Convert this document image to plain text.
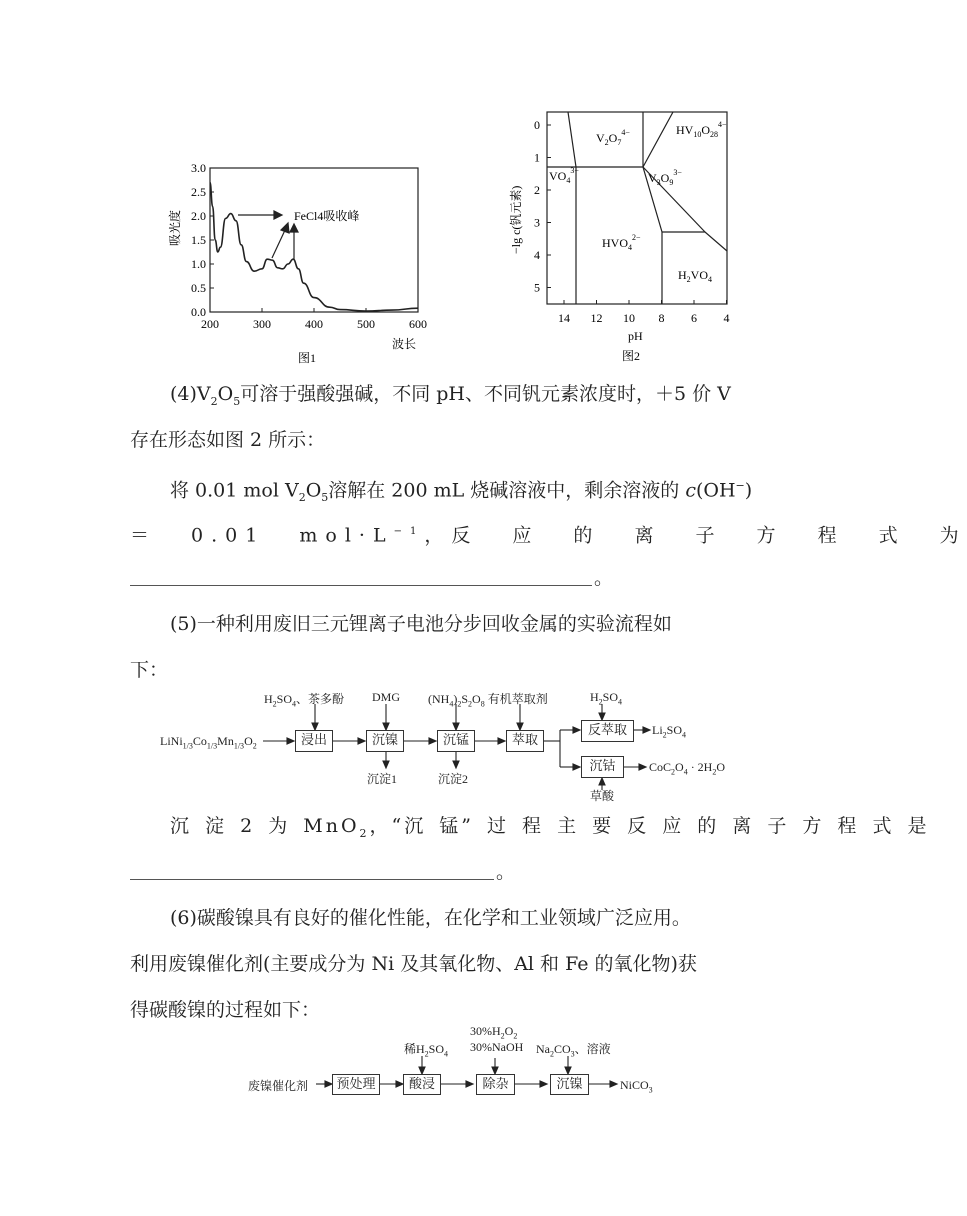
3.0
2.5
2.0
1.5
1.0
0.5
0.0
200	300	400	500	600
FeCl4吸收峰
吸光度
波长
图1
0
1
2
3
4
5
14 12 10 8 6 4
$V_2O_7^{4-}$	$HV_{10}O_{28}^{4-}$
$VO_4^{3-}$
$V_3O_9^{3-}$
$HVO_4^{2-}$
$H_2VO_4$
−lg c(钒元素)
pH
图2
$(4)V_2O_5$可溶于强酸强碱，不同 pH、不同钒元素浓度时，＋5 价 V
存在形态如图 2 所示：
将 0.01 mol $V_2O_5$溶解在 200 mL 烧碱溶液中，剩余溶液的 c(OH−)
＝ 0.01 $mol\cdot L^{-1}$，反 应 的 离 子 方 程 式 为
。
(5)一种利用废旧三元锂离子电池分步回收金属的实验流程如
下：
$LiNi_{1/3}Co_{1/3}Mn_{1/3}O_2$	浸出	沉镍	沉锰	萃取
反萃取
沉钴
$H_2SO_4$、茶多酚 DMG $(NH_4)_2S_2O_8$ 有机萃取剂	$H_2SO_4$
草酸
沉淀1	沉淀2
$Li_2SO_4$
$CoC_2O_4 \cdot 2H_2O$
沉 淀 2 为 MnO$_2$，“沉 锰” 过 程 主 要 反 应 的 离 子 方 程 式 是
。
(6)碳酸镍具有良好的催化性能，在化学和工业领域广泛应用。
利用废镍催化剂(主要成分为 Ni 及其氧化物、Al 和 Fe 的氧化物)获
得碳酸镍的过程如下：
废镍催化剂	预处理	酸浸	除杂	沉镍
稀$H_2SO_4$
$30\%H_2O_2$
30%NaOH $Na_2CO_3$、溶液
NiCO$_3$
